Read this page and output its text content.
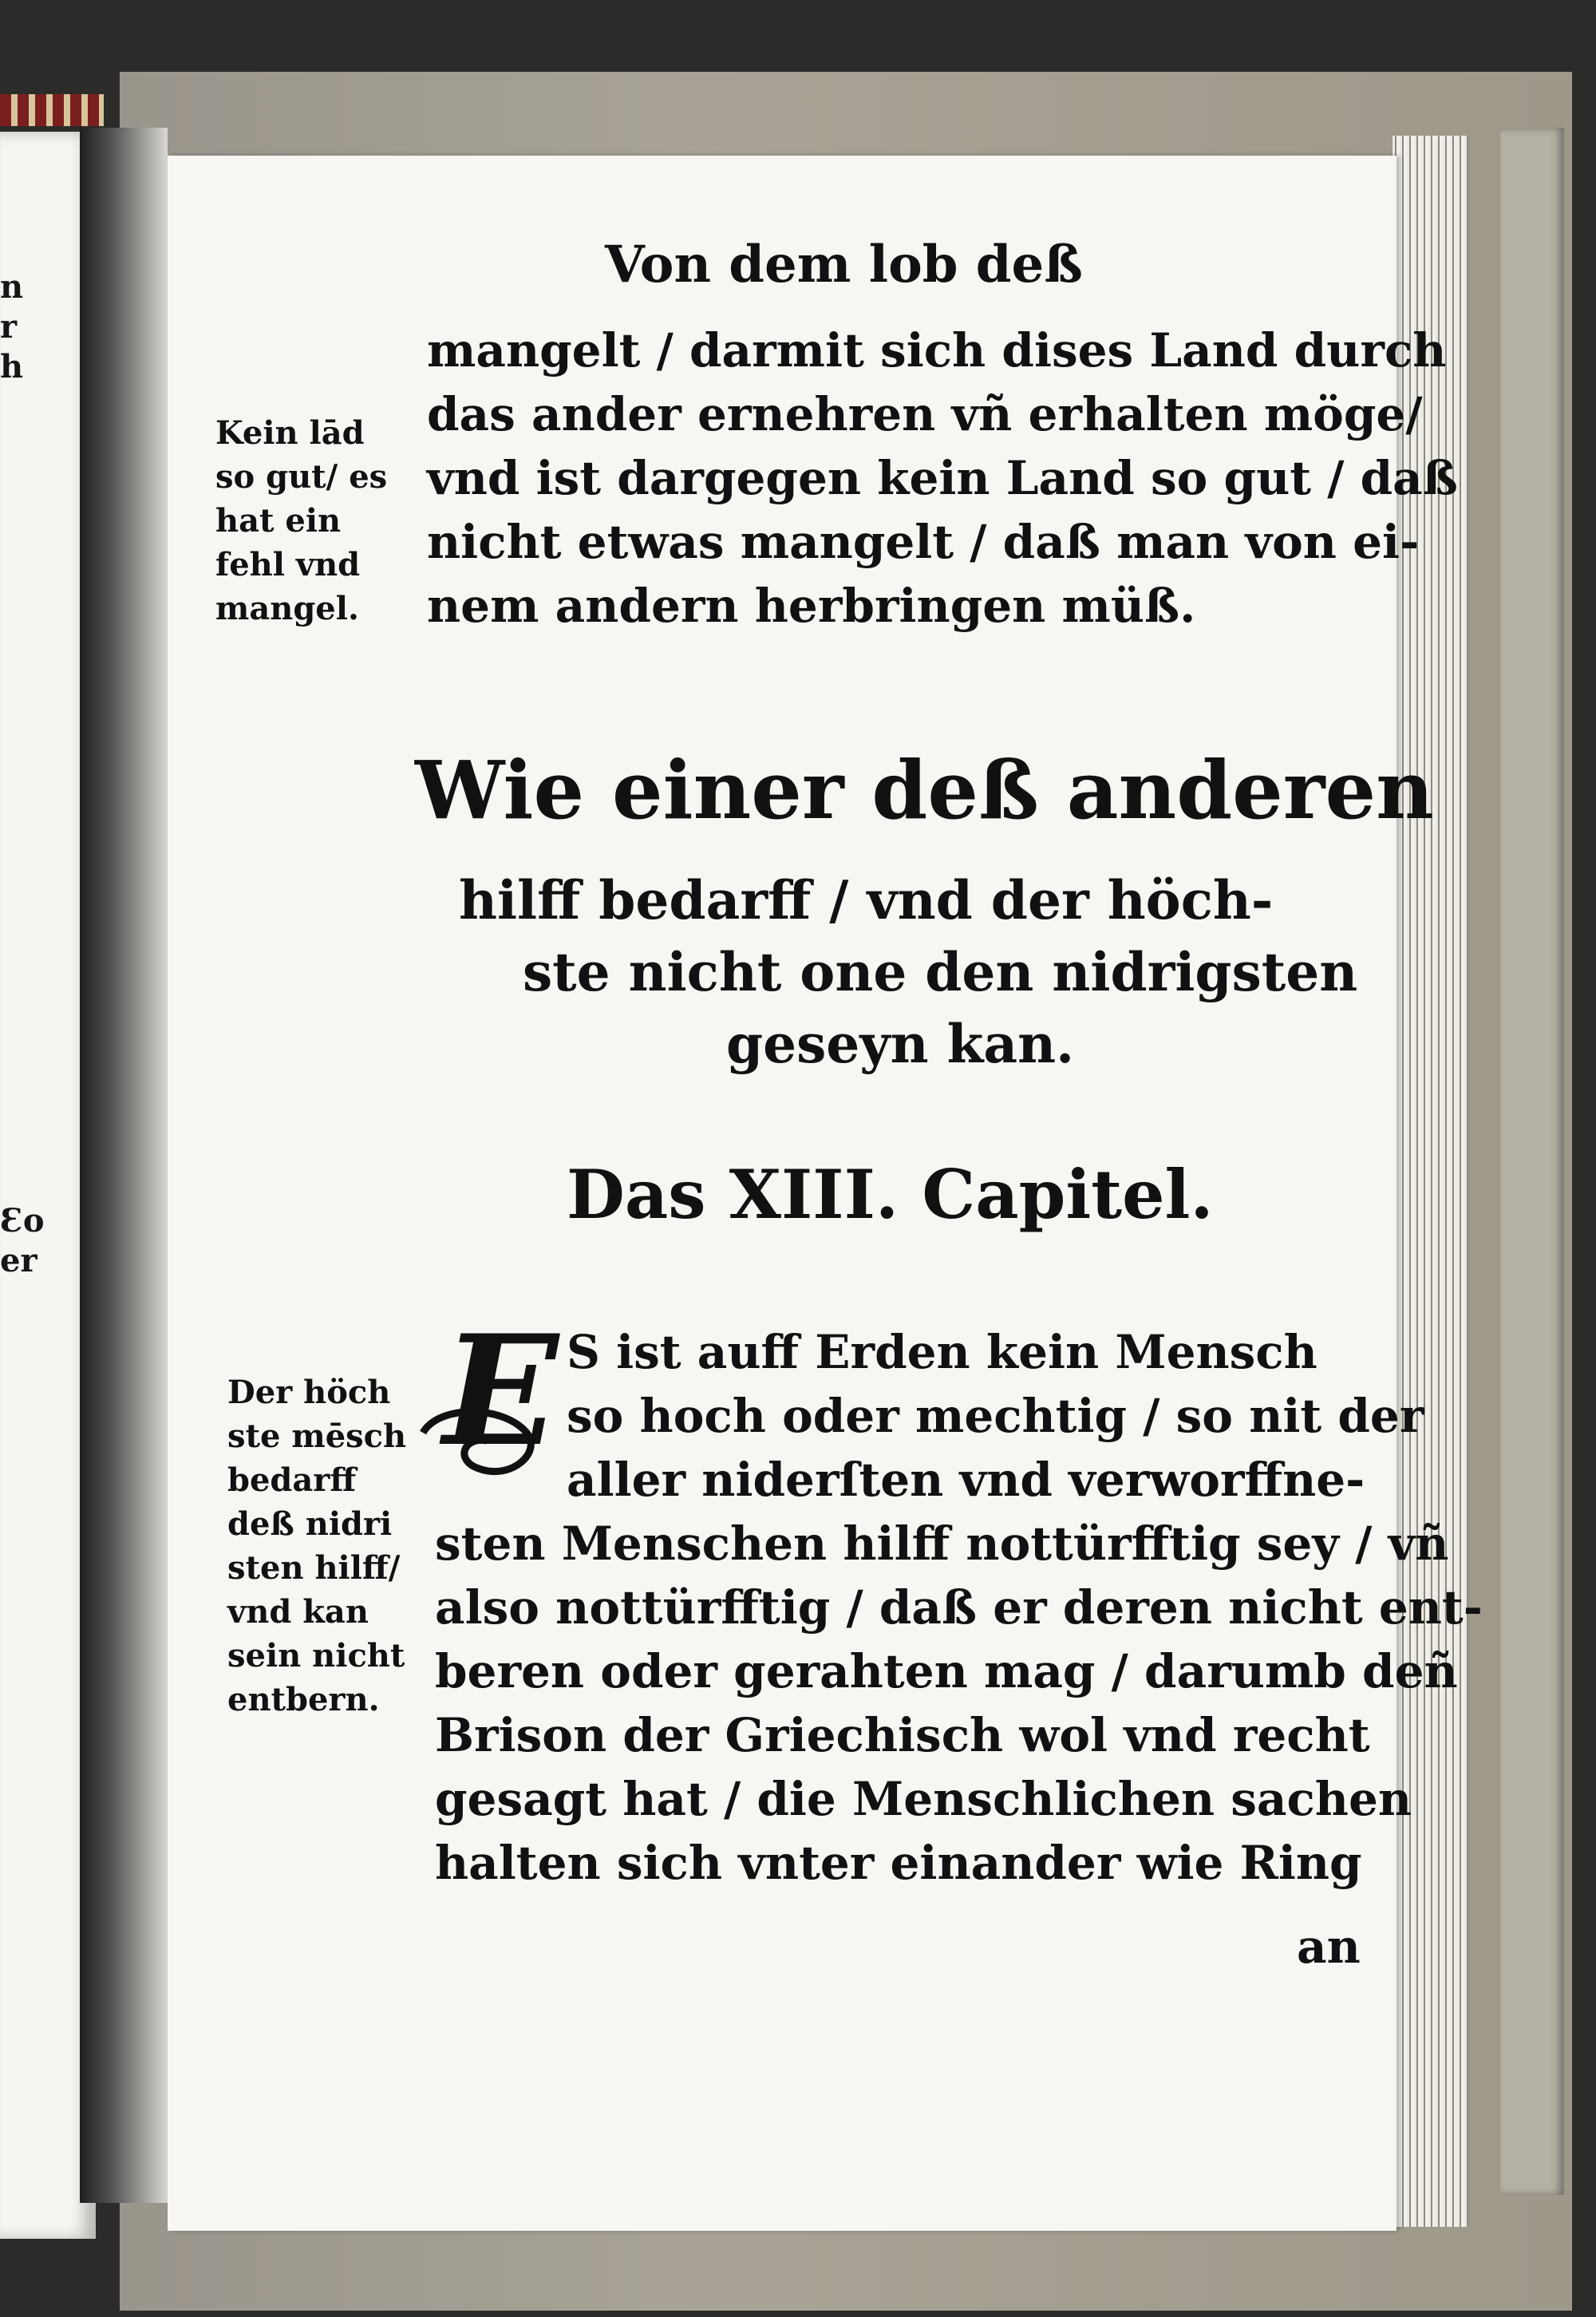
n
r
h
Ɛo
er

Von dem lob deß

mangelt / darmit sich dises Land durch

das ander ernehren vñ erhalten möge/

vnd ist dargegen kein Land so gut / daß

nicht etwas mangelt / daß man von ei-

nem andern herbringen müß.

Kein lād

so gut/ es

hat ein

fehl vnd

mangel.

Wie einer deß anderen

hilff bedarff / vnd der höch-

ste nicht one den nidrigsten

geseyn kan.

Das XIII. Capitel.

E S ist auff Erden kein Mensch

so hoch oder mechtig / so nit der

aller niderſten vnd verworffne-

sten Menschen hilff nottürfftig sey / vñ

also nottürfftig / daß er deren nicht ent-

beren oder gerahten mag / darumb deñ

Brison der Griechisch wol vnd recht

gesagt hat / die Menschlichen sachen

halten sich vnter einander wie Ring

Der höch

ste mēsch

bedarff

deß nidri

sten hilff/

vnd kan

sein nicht

entbern.

an
